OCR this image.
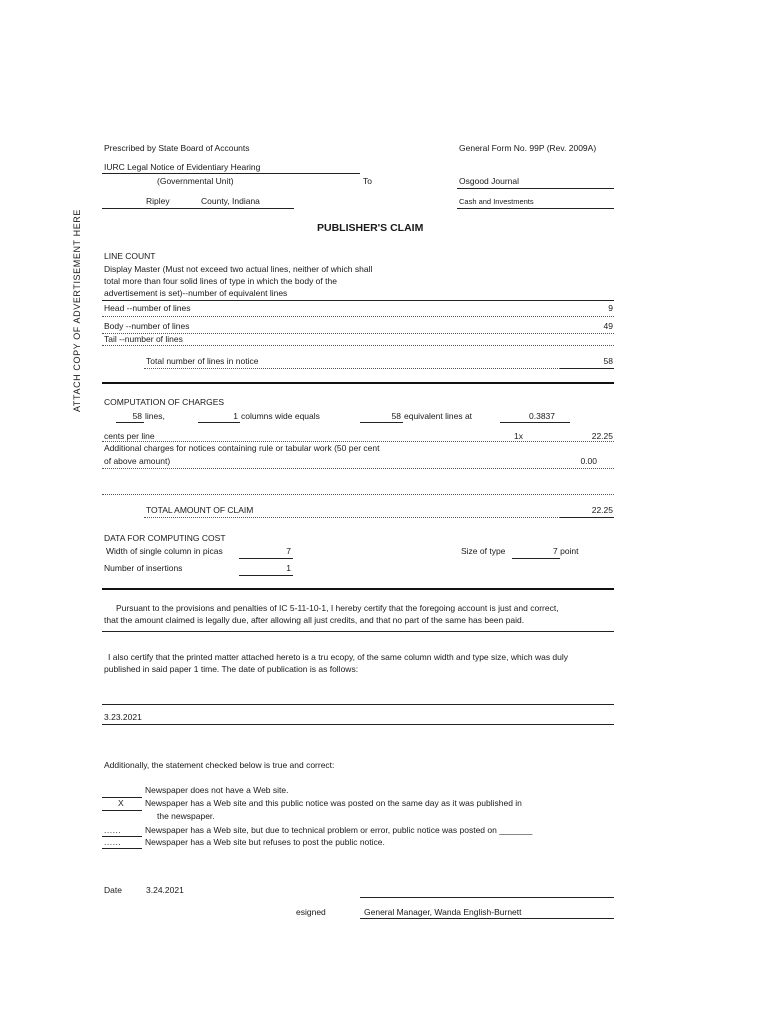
ATTACH COPY OF ADVERTISEMENT HERE
Prescribed by State Board of Accounts	General Form No. 99P (Rev. 2009A)
IURC Legal Notice of Evidentiary Hearing
(Governmental Unit)	To	Osgood Journal
Ripley	County, Indiana	Cash and Investments
PUBLISHER'S CLAIM
LINE COUNT
Display Master (Must not exceed two actual lines, neither of which shall
total more than four solid lines of type in which the body of the
advertisement is set)--number of equivalent lines
Head --number of lines	9
Body --number of lines	49
Tail --number of lines
Total number of lines in notice	58
COMPUTATION OF CHARGES
58 lines,	1 columns wide equals	58 equivalent lines at	0.3837
cents per line	1x	22.25
Additional charges for notices containing rule or tabular work (50 per cent
of above amount)	0.00
TOTAL AMOUNT OF CLAIM	22.25
DATA FOR COMPUTING COST
Width of single column in picas	7	Size of type	7 point
Number of insertions	1
Pursuant to the provisions and penalties of IC 5-11-10-1, I hereby certify that the foregoing account is just and correct,
that the amount claimed is legally due, after allowing all just credits, and that no part of the same has been paid.
I also certify that the printed matter attached hereto is a tru ecopy, of the same column width and type size, which was duly
published in said paper 1 time. The date of publication is as follows:
3.23.2021
Additionally, the statement checked below is true and correct:
Newspaper does not have a Web site.
X	Newspaper has a Web site and this public notice was posted on the same day as it was published in
the newspaper.
......	Newspaper has a Web site, but due to technical problem or error, public notice was posted on _______
......	Newspaper has a Web site but refuses to post the public notice.
Date	3.24.2021
esigned	General Manager, Wanda English-Burnett
